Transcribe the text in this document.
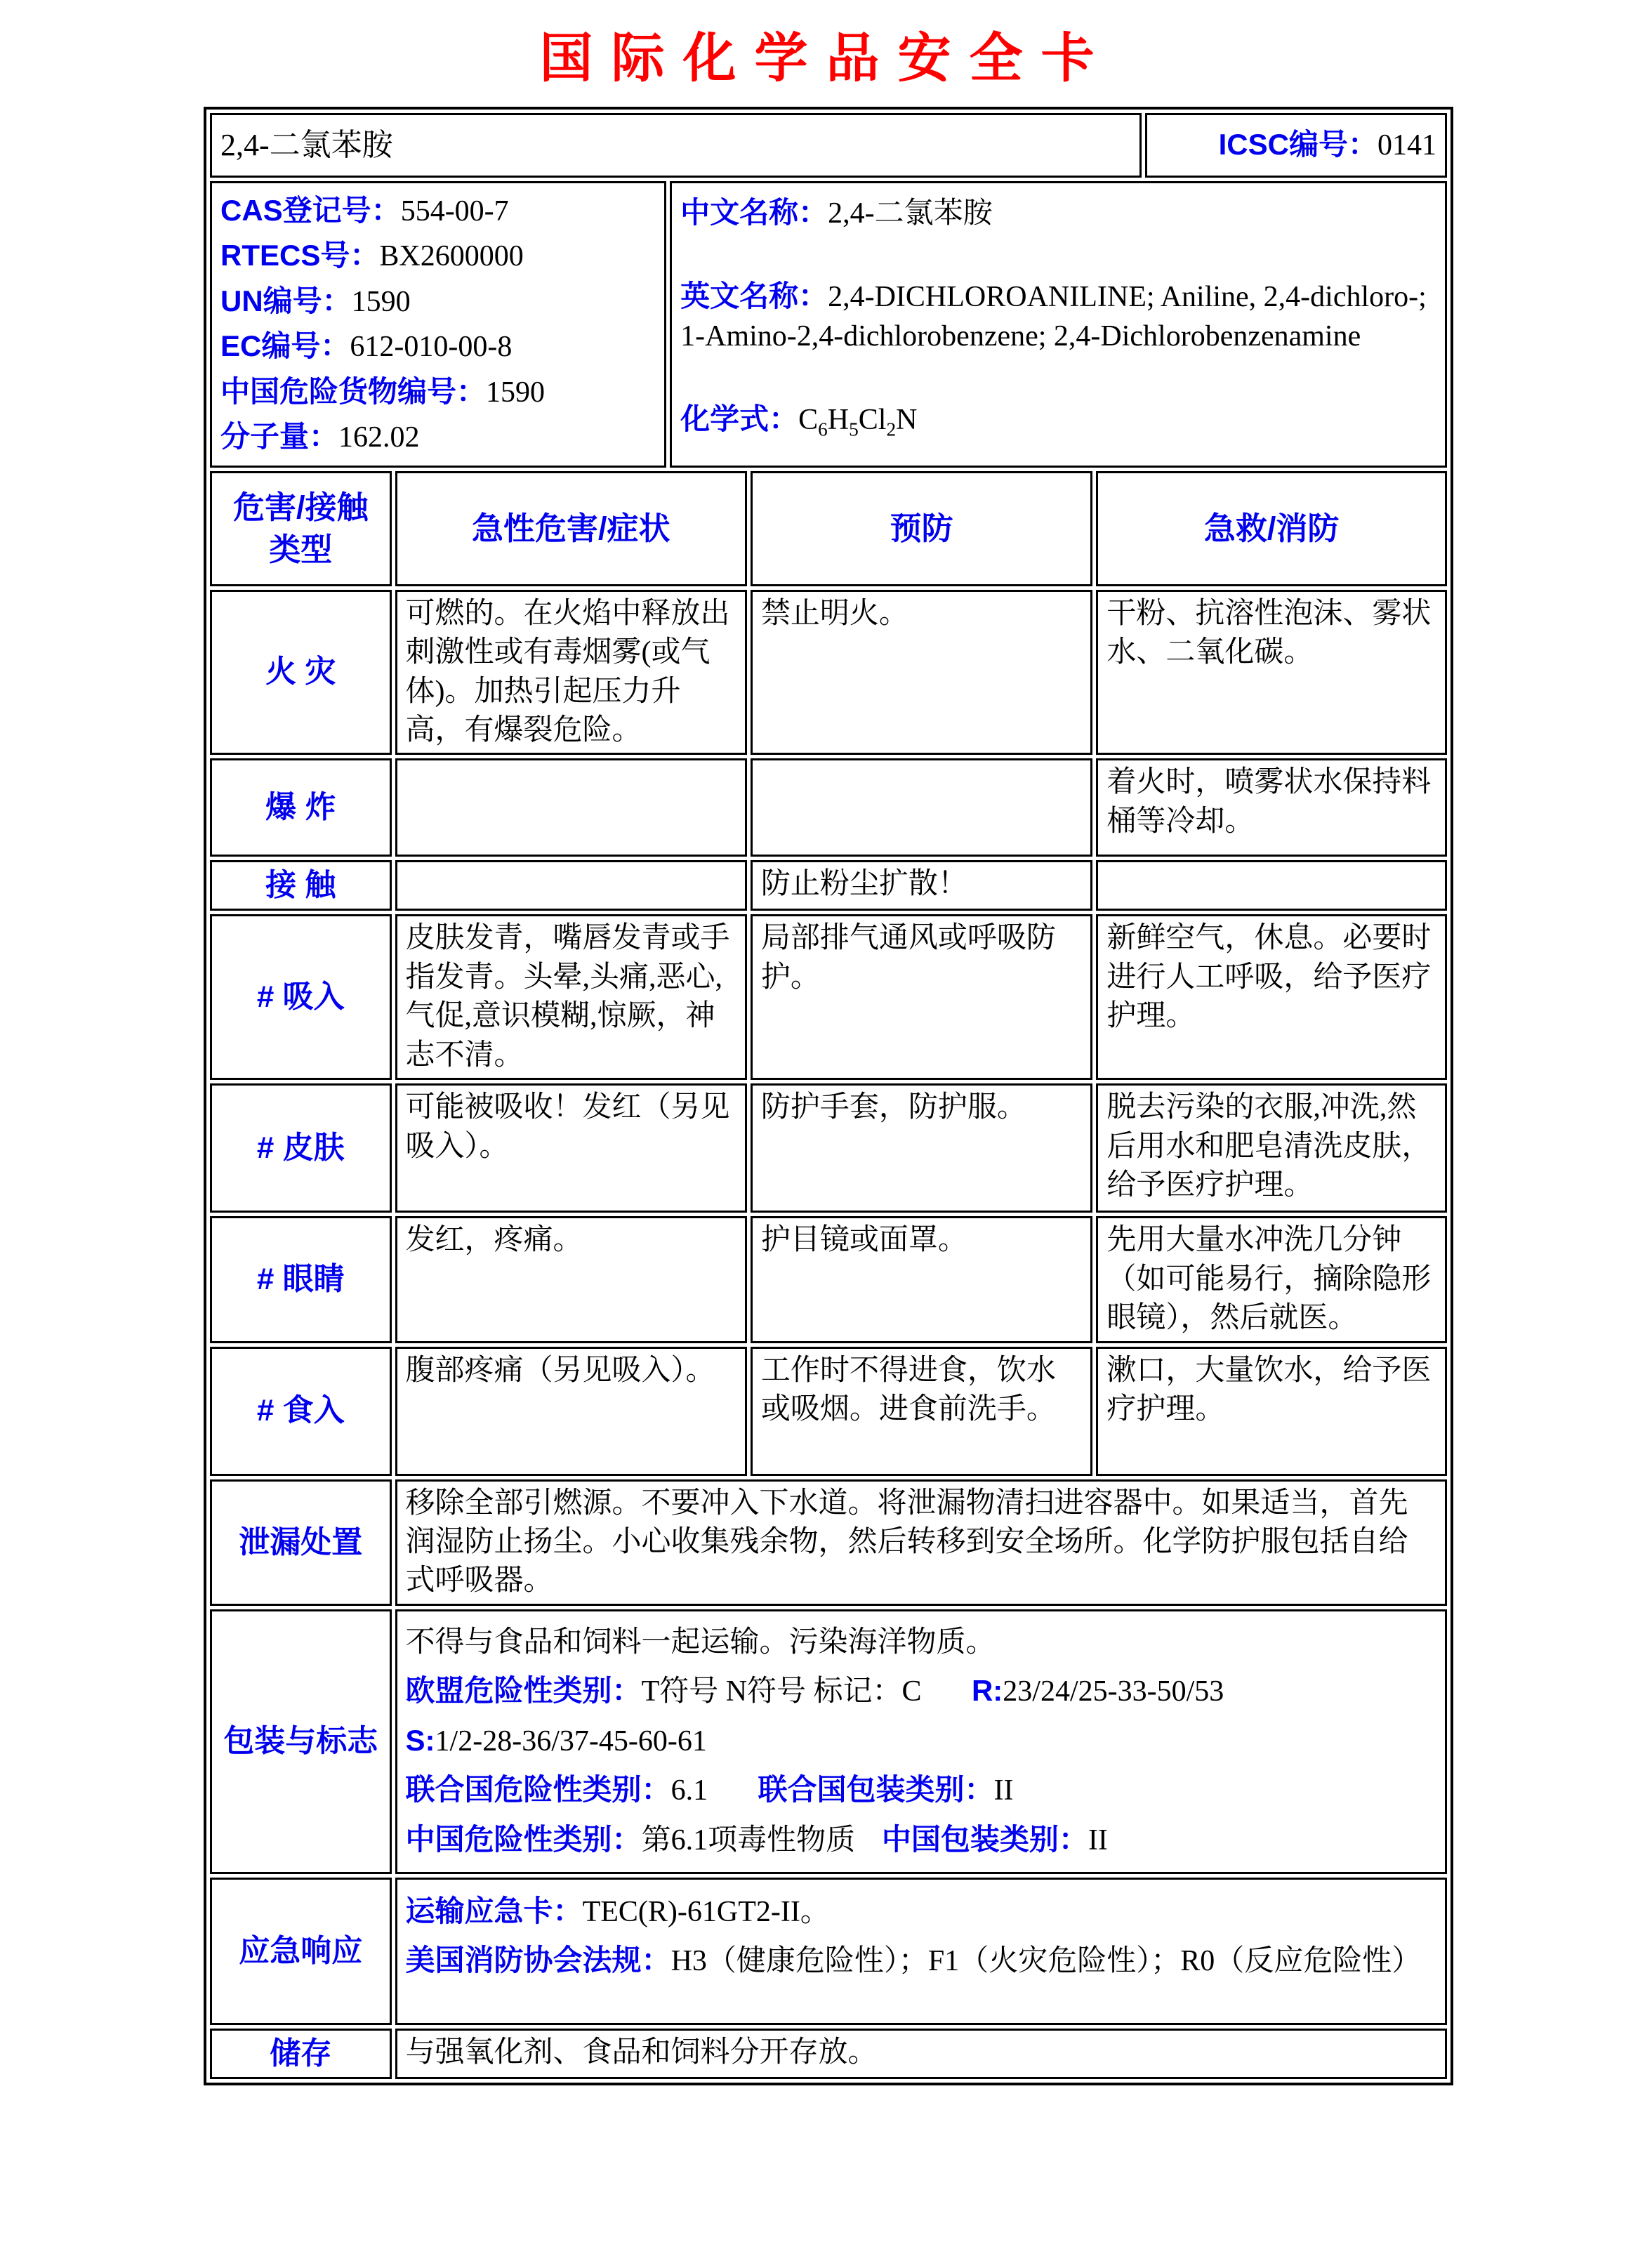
国际化学品安全卡
2,4-二氯苯胺	ICSC编号：0141

CAS登记号：554-00-7

RTECS号：BX2600000

UN编号：1590

EC编号：612-010-00-8

中国危险货物编号：1590

分子量：162.02

中文名称：2,4-二氯苯胺

英文名称：2,4-DICHLOROANILINE; Aniline, 2,4-dichloro-; 1-Amino-2,4-dichlorobenzene; 2,4-Dichlorobenzenamine

化学式：$C_6H_5Cl_2N$

危害/接触类型	急性危害/症状	预防	急救/消防
火 灾	可燃的。在火焰中释放出刺激性或有毒烟雾(或气体)。加热引起压力升高，有爆裂危险。	禁止明火。	干粉、抗溶性泡沫、雾状水、二氧化碳。
爆 炸			着火时，喷雾状水保持料桶等冷却。
接 触		防止粉尘扩散！	
# 吸入	皮肤发青，嘴唇发青或手指发青。头晕,头痛,恶心,气促,意识模糊,惊厥，神志不清。	局部排气通风或呼吸防护。	新鲜空气，休息。必要时进行人工呼吸，给予医疗护理。
# 皮肤	可能被吸收！发红（另见吸入）。	防护手套，防护服。	脱去污染的衣服,冲洗,然后用水和肥皂清洗皮肤，给予医疗护理。
# 眼睛	发红，疼痛。	护目镜或面罩。	先用大量水冲洗几分钟（如可能易行，摘除隐形眼镜），然后就医。
# 食入	腹部疼痛（另见吸入）。	工作时不得进食，饮水或吸烟。进食前洗手。	漱口，大量饮水，给予医疗护理。
泄漏处置	移除全部引燃源。不要冲入下水道。将泄漏物清扫进容器中。如果适当，首先润湿防止扬尘。小心收集残余物，然后转移到安全场所。化学防护服包括自给式呼吸器。		
包装与标志	不得与食品和饲料一起运输。污染海洋物质。

欧盟危险性类别：T符号 N符号 标记：C R:23/24/25-33-50/53

S:1/2-28-36/37-45-60-61

联合国危险性类别：6.1 联合国包装类别：II

中国危险性类别：第6.1项毒性物质 中国包装类别：II		

应急响应	运输应急卡：TEC(R)-61GT2-II。

美国消防协会法规：H3（健康危险性）；F1（火灾危险性）；R0（反应危险性）		

储存	与强氧化剂、食品和饲料分开存放。		
